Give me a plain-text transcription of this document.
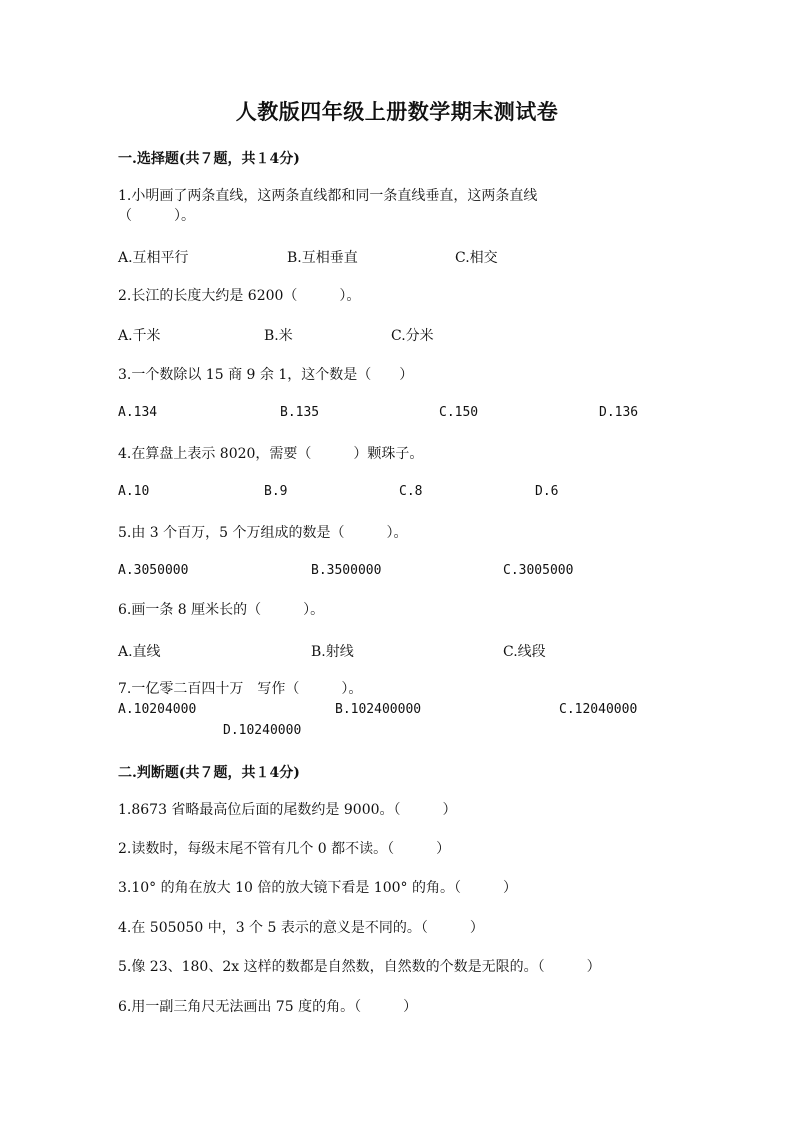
人教版四年级上册数学期末测试卷
一.选择题(共７题，共１4分)
1.小明画了两条直线，这两条直线都和同一条直线垂直，这两条直线
（　　　）。
A.互相平行	B.互相垂直	C.相交
2.长江的长度大约是 6200（　　　）。
A.千米	B.米	C.分米
3.一个数除以 15 商 9 余 1，这个数是（　　）
A.134	B.135	C.150	D.136
4.在算盘上表示 8020，需要（　　　）颗珠子。
A.10	B.9	C.8	D.6
5.由 3 个百万，5 个万组成的数是（　　　）。
A.3050000	B.3500000	C.3005000
6.画一条 8 厘米长的（　　　）。
A.直线	B.射线	C.线段
7.一亿零二百四十万　写作（　　　）。
A.10204000	B.102400000	C.12040000
D.10240000
二.判断题(共７题，共１4分)
1.8673 省略最高位后面的尾数约是 9000。（　　　）
2.读数时，每级末尾不管有几个 0 都不读。（　　　）
3.10° 的角在放大 10 倍的放大镜下看是 100° 的角。（　　　）
4.在 505050 中，3 个 5 表示的意义是不同的。（　　　）
5.像 23、180、2x 这样的数都是自然数，自然数的个数是无限的。（　　　）
6.用一副三角尺无法画出 75 度的角。（　　　）
